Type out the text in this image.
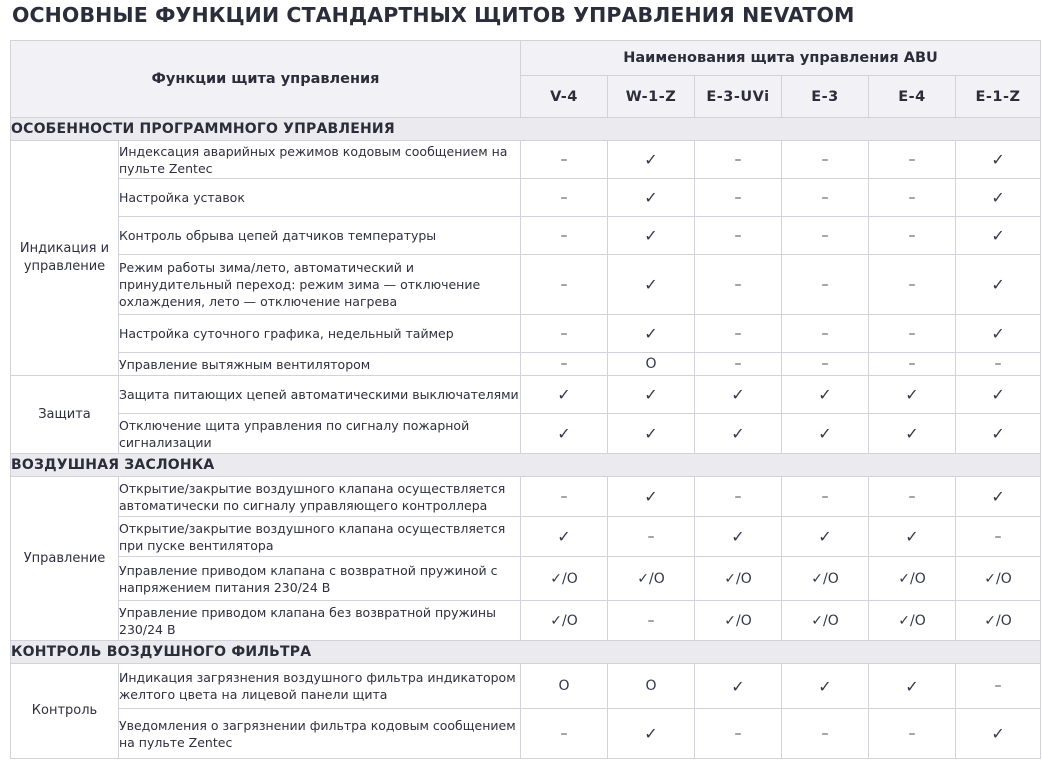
ОСНОВНЫЕ ФУНКЦИИ СТАНДАРТНЫХ ЩИТОВ УПРАВЛЕНИЯ NEVATOM
Функции щита управления		Наименования щита управления ABU					
		V-4	W-1-Z	E-3-UVi	E-3	E-4	E-1-Z
ОСОБЕННОСТИ ПРОГРАММНОГО УПРАВЛЕНИЯ							
Индикация и управление	Индексация аварийных режимов кодовым сообщением на пульте Zentec	–	✓	–	–	–	✓
	Настройка уставок	–	✓	–	–	–	✓
	Контроль обрыва цепей датчиков температуры	–	✓	–	–	–	✓
	Режим работы зима/лето, автоматический и принудительный переход: режим зима — отключение охлаждения, лето — отключение нагрева	–	✓	–	–	–	✓
	Настройка суточного графика, недельный таймер	–	✓	–	–	–	✓
	Управление вытяжным вентилятором	–	O	–	–	–	–
Защита	Защита питающих цепей автоматическими выключателями	✓	✓	✓	✓	✓	✓
	Отключение щита управления по сигналу пожарной сигнализации	✓	✓	✓	✓	✓	✓
ВОЗДУШНАЯ ЗАСЛОНКА							
Управление	Открытие/закрытие воздушного клапана осуществляется автоматически по сигналу управляющего контроллера	–	✓	–	–	–	✓
	Открытие/закрытие воздушного клапана осуществляется при пуске вентилятора	✓	–	✓	✓	✓	–
	Управление приводом клапана с возвратной пружиной с напряжением питания 230/24 В	✓/O	✓/O	✓/O	✓/O	✓/O	✓/O
	Управление приводом клапана без возвратной пружины 230/24 В	✓/O	–	✓/O	✓/O	✓/O	✓/O
КОНТРОЛЬ ВОЗДУШНОГО ФИЛЬТРА							
Контроль	Индикация загрязнения воздушного фильтра индикатором желтого цвета на лицевой панели щита	O	O	✓	✓	✓	–
	Уведомления о загрязнении фильтра кодовым сообщением на пульте Zentec	–	✓	–	–	–	✓
